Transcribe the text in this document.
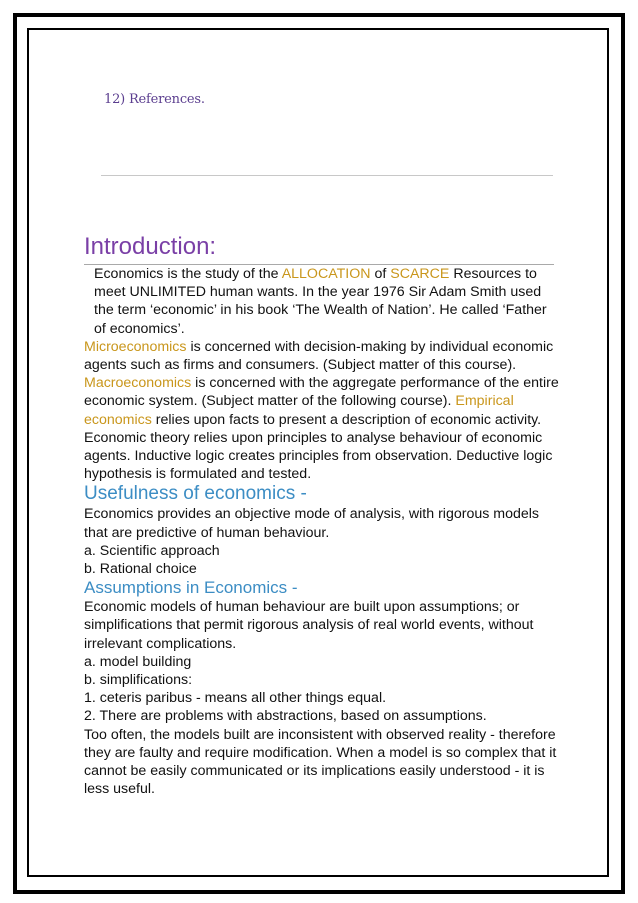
12) References.
Introduction:

Economics is the study of the ALLOCATION of SCARCE Resources to meet UNLIMITED human wants. In the year 1976 Sir Adam Smith used the term ‘economic’ in his book ‘The Wealth of Nation’. He called ‘Father of economics’.

Microeconomics is concerned with decision-making by individual economic agents such as firms and consumers. (Subject matter of this course). Macroeconomics is concerned with the aggregate performance of the entire economic system. (Subject matter of the following course). Empirical economics relies upon facts to present a description of economic activity. Economic theory relies upon principles to analyse behaviour of economic agents. Inductive logic creates principles from observation. Deductive logic hypothesis is formulated and tested.

Usefulness of economics -

Economics provides an objective mode of analysis, with rigorous models that are predictive of human behaviour.

a. Scientific approach

b. Rational choice

Assumptions in Economics -

Economic models of human behaviour are built upon assumptions; or simplifications that permit rigorous analysis of real world events, without irrelevant complications.

a. model building

b. simplifications:

1. ceteris paribus - means all other things equal.

2. There are problems with abstractions, based on assumptions.

Too often, the models built are inconsistent with observed reality - therefore they are faulty and require modification. When a model is so complex that it cannot be easily communicated or its implications easily understood - it is less useful.
